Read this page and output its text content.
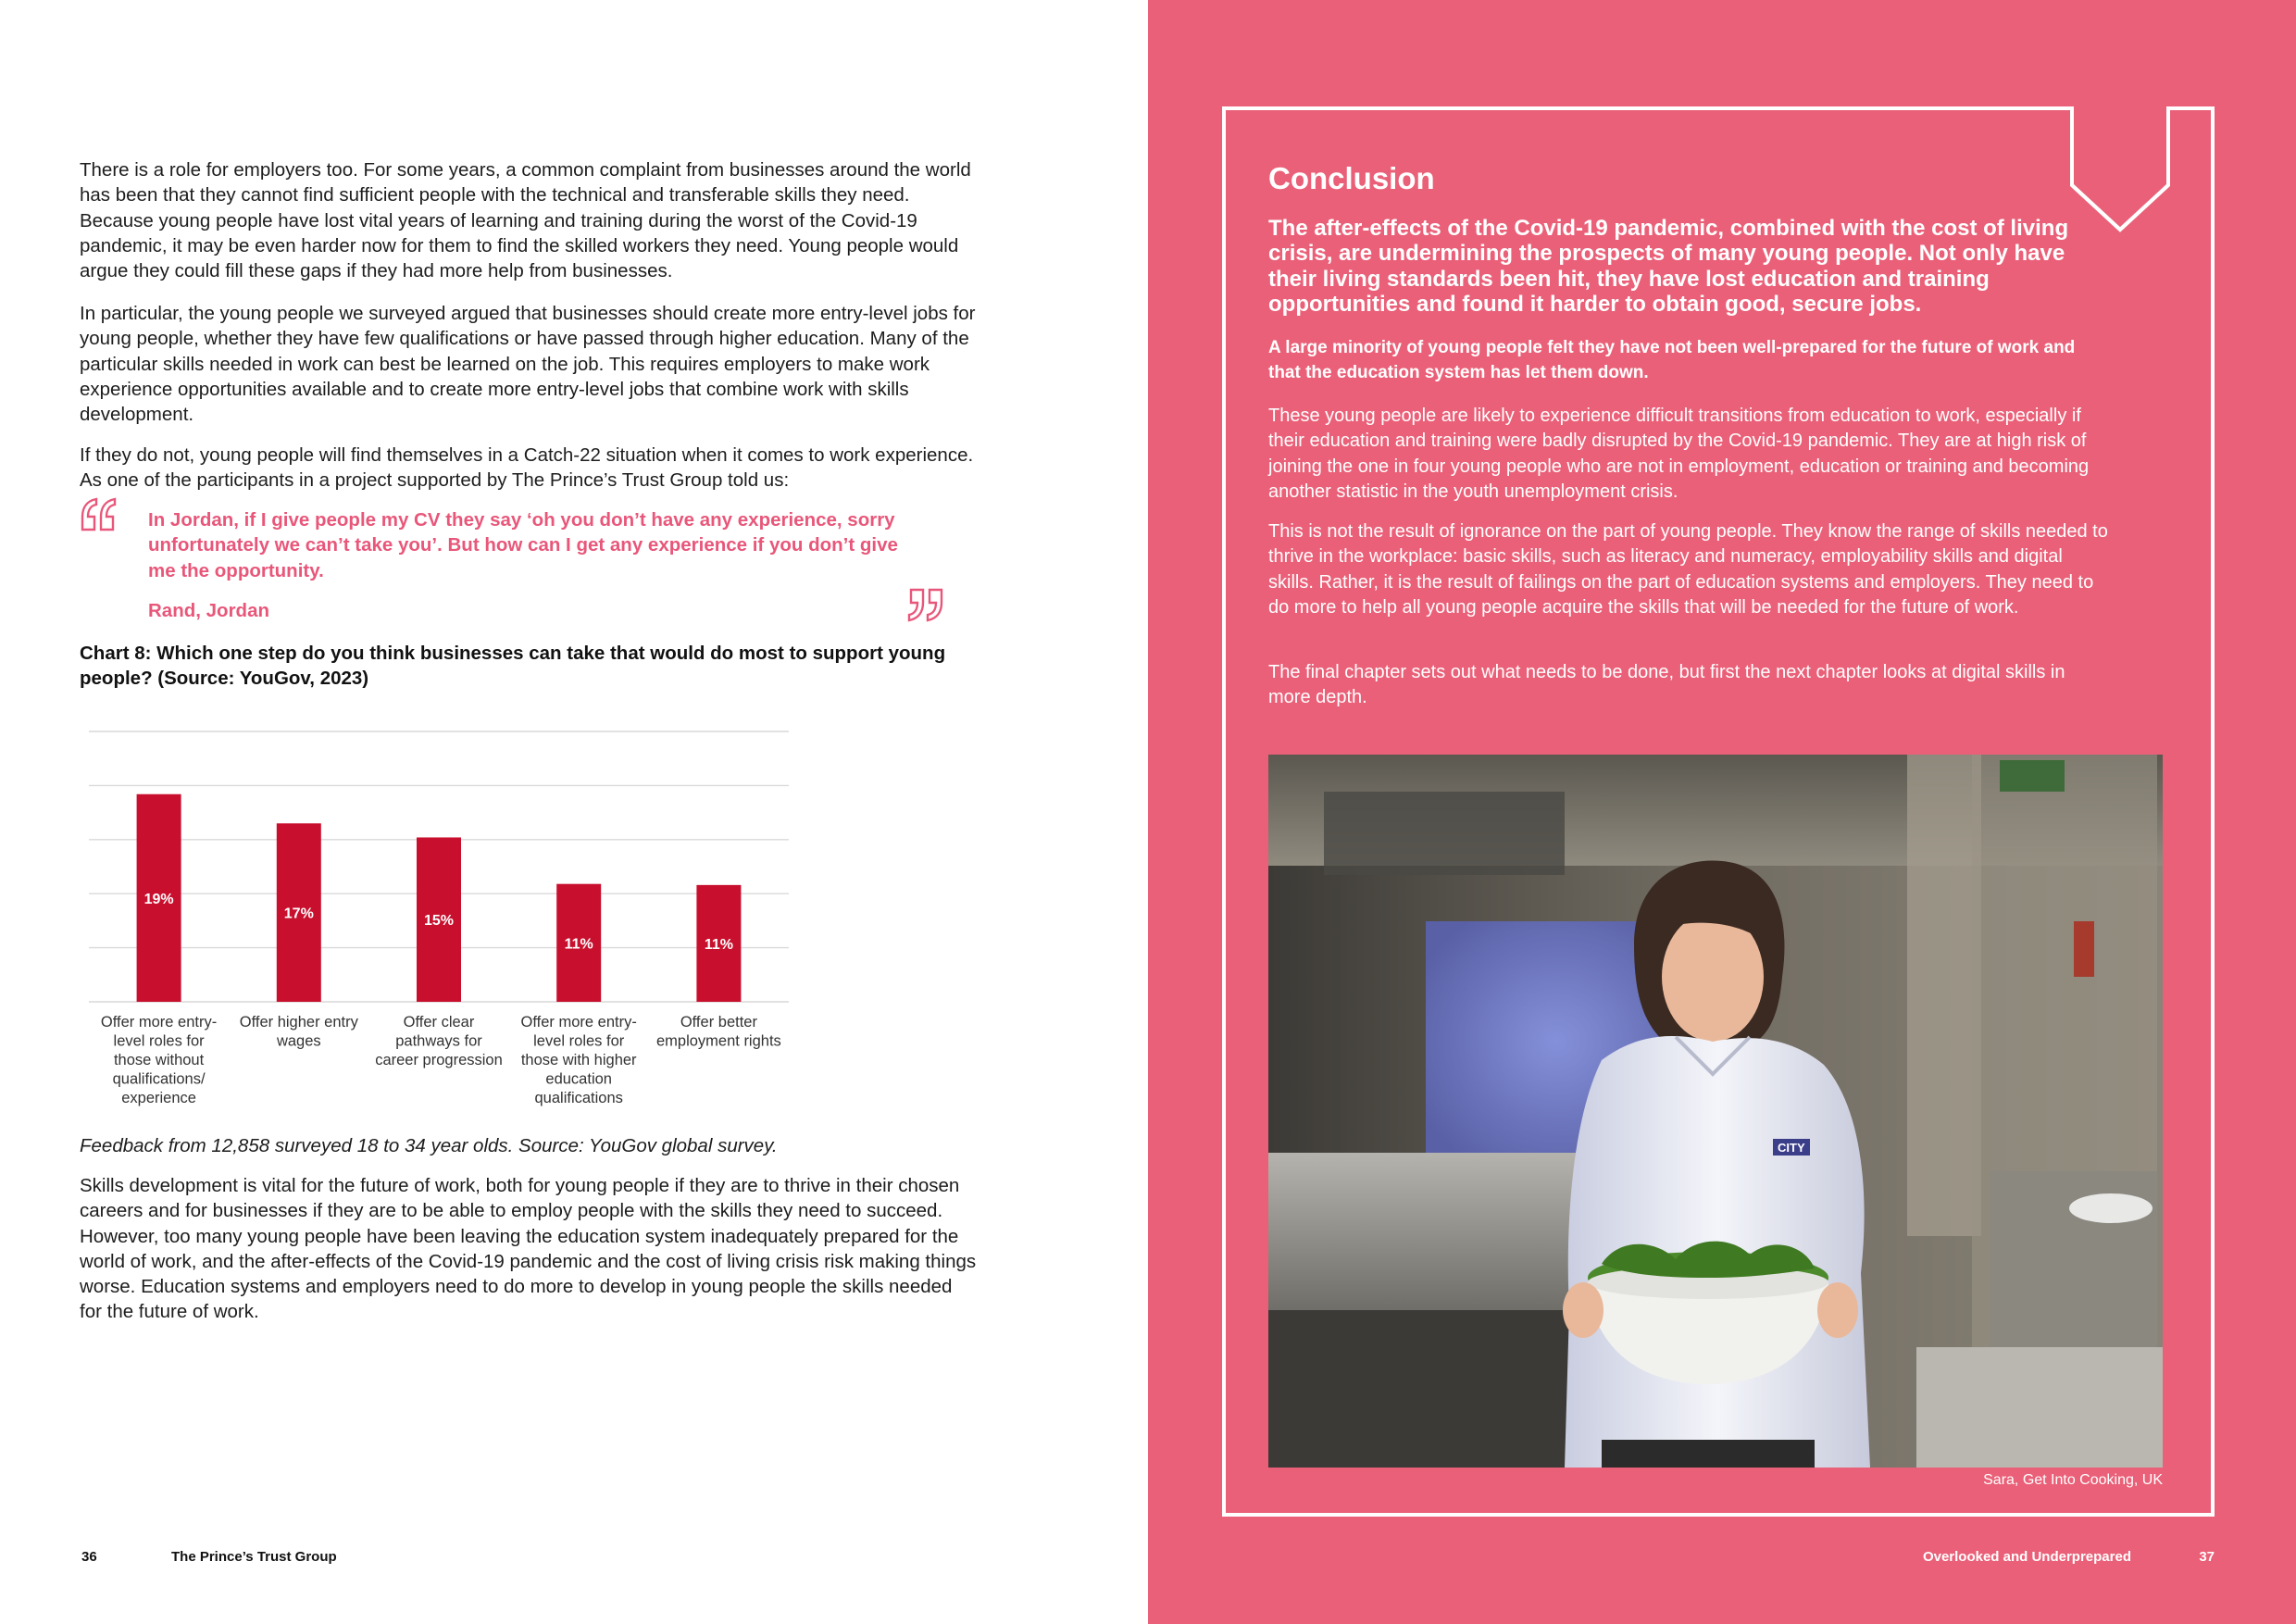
There is a role for employers too. For some years, a common complaint from businesses around the world has been that they cannot find sufficient people with the technical and transferable skills they need. Because young people have lost vital years of learning and training during the worst of the Covid-19 pandemic, it may be even harder now for them to find the skilled workers they need. Young people would argue they could fill these gaps if they had more help from businesses.

In particular, the young people we surveyed argued that businesses should create more entry-level jobs for young people, whether they have few qualifications or have passed through higher education. Many of the particular skills needed in work can best be learned on the job. This requires employers to make work experience opportunities available and to create more entry-level jobs that combine work with skills development.

If they do not, young people will find themselves in a Catch-22 situation when it comes to work experience. As one of the participants in a project supported by The Prince’s Trust Group told us:

In Jordan, if I give people my CV they say ‘oh you don’t have any experience, sorry unfortunately we can’t take you’. But how can I get any experience if you don’t give me the opportunity.

Rand, Jordan

Chart 8: Which one step do you think businesses can take that would do most to support young people? (Source: YouGov, 2023)

19%
Offer more entry-level roles for those without qualifications/ experience
17%
Offer higher entry wages
15%
Offer clear pathways for career progression
11%
Offer more entry-level roles for those with higher education qualifications
11%
Offer better employment rights

Feedback from 12,858 surveyed 18 to 34 year olds. Source: YouGov global survey.

Skills development is vital for the future of work, both for young people if they are to thrive in their chosen careers and for businesses if they are to be able to employ people with the skills they need to succeed. However, too many young people have been leaving the education system inadequately prepared for the world of work, and the after-effects of the Covid-19 pandemic and the cost of living crisis risk making things worse. Education systems and employers need to do more to develop in young people the skills needed for the future of work.

36	The Prince’s Trust Group
Conclusion

The after-effects of the Covid-19 pandemic, combined with the cost of living crisis, are undermining the prospects of many young people. Not only have their living standards been hit, they have lost education and training opportunities and found it harder to obtain good, secure jobs.

A large minority of young people felt they have not been well-prepared for the future of work and that the education system has let them down.

These young people are likely to experience difficult transitions from education to work, especially if their education and training were badly disrupted by the Covid-19 pandemic. They are at high risk of joining the one in four young people who are not in employment, education or training and becoming another statistic in the youth unemployment crisis.

This is not the result of ignorance on the part of young people. They know the range of skills needed to thrive in the workplace: basic skills, such as literacy and numeracy, employability skills and digital skills. Rather, it is the result of failings on the part of education systems and employers. They need to do more to help all young people acquire the skills that will be needed for the future of work.

The final chapter sets out what needs to be done, but first the next chapter looks at digital skills in more depth.

CITY
Sara, Get Into Cooking, UK
Overlooked and Underprepared	37
